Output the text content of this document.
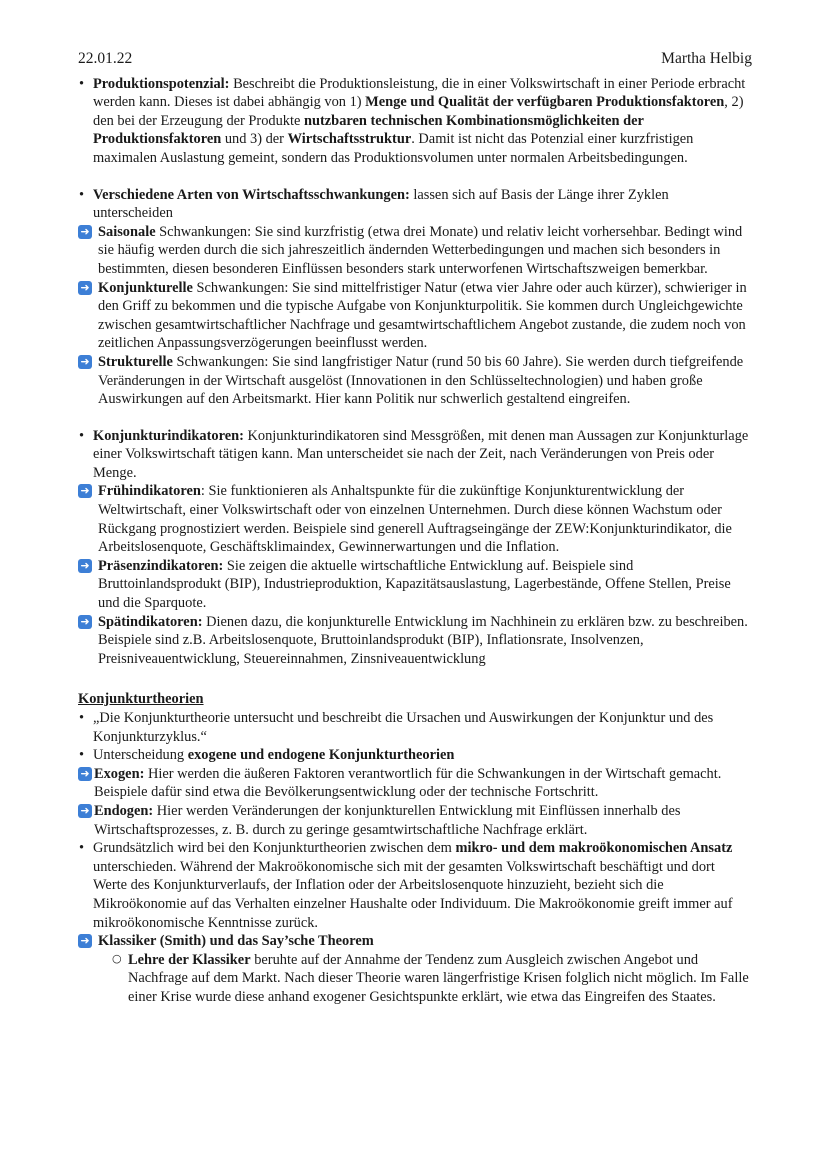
22.01.22	Martha Helbig
• Produktionspotenzial: Beschreibt die Produktionsleistung, die in einer Volkswirtschaft in einer Periode erbracht werden kann. Dieses ist dabei abhängig von 1) Menge und Qualität der verfügbaren Produktionsfaktoren, 2) den bei der Erzeugung der Produkte nutzbaren technischen Kombinationsmöglichkeiten der Produktionsfaktoren und 3) der Wirtschaftsstruktur. Damit ist nicht das Potenzial einer kurzfristigen maximalen Auslastung gemeint, sondern das Produktionsvolumen unter normalen Arbeitsbedingungen.
• Verschiedene Arten von Wirtschaftsschwankungen: lassen sich auf Basis der Länge ihrer Zyklen unterscheiden
➜ Saisonale Schwankungen: Sie sind kurzfristig (etwa drei Monate) und relativ leicht vorhersehbar. Bedingt wind sie häufig werden durch die sich jahreszeitlich ändernden Wetterbedingungen und machen sich besonders in bestimmten, diesen besonderen Einflüssen besonders stark unterworfenen Wirtschaftszweigen bemerkbar.
➜ Konjunkturelle Schwankungen: Sie sind mittelfristiger Natur (etwa vier Jahre oder auch kürzer), schwieriger in den Griff zu bekommen und die typische Aufgabe von Konjunkturpolitik. Sie kommen durch Ungleichgewichte zwischen gesamtwirtschaftlicher Nachfrage und gesamtwirtschaftlichem Angebot zustande, die zudem noch von zeitlichen Anpassungsverzögerungen beeinflusst werden.
➜ Strukturelle Schwankungen: Sie sind langfristiger Natur (rund 50 bis 60 Jahre). Sie werden durch tiefgreifende Veränderungen in der Wirtschaft ausgelöst (Innovationen in den Schlüsseltechnologien) und haben große Auswirkungen auf den Arbeitsmarkt. Hier kann Politik nur schwerlich gestaltend eingreifen.
• Konjunkturindikatoren: Konjunkturindikatoren sind Messgrößen, mit denen man Aussagen zur Konjunkturlage einer Volkswirtschaft tätigen kann. Man unterscheidet sie nach der Zeit, nach Veränderungen von Preis oder Menge.
➜ Frühindikatoren: Sie funktionieren als Anhaltspunkte für die zukünftige Konjunkturentwicklung der Weltwirtschaft, einer Volkswirtschaft oder von einzelnen Unternehmen. Durch diese können Wachstum oder Rückgang prognostiziert werden. Beispiele sind generell Auftragseingänge der ZEW:Konjunkturindikator, die Arbeitslosenquote, Geschäftsklimaindex, Gewinnerwartungen und die Inflation.
➜ Präsenzindikatoren: Sie zeigen die aktuelle wirtschaftliche Entwicklung auf. Beispiele sind Bruttoinlandsprodukt (BIP), Industrieproduktion, Kapazitätsauslastung, Lagerbestände, Offene Stellen, Preise und die Sparquote.
➜ Spätindikatoren: Dienen dazu, die konjunkturelle Entwicklung im Nachhinein zu erklären bzw. zu beschreiben. Beispiele sind z.B. Arbeitslosenquote, Bruttoinlandsprodukt (BIP), Inflationsrate, Insolvenzen, Preisniveauentwicklung, Steuereinnahmen, Zinsniveauentwicklung
Konjunkturtheorien
• „Die Konjunkturtheorie untersucht und beschreibt die Ursachen und Auswirkungen der Konjunktur und des Konjunkturzyklus.“
• Unterscheidung exogene und endogene Konjunkturtheorien
➜ Exogen: Hier werden die äußeren Faktoren verantwortlich für die Schwankungen in der Wirtschaft gemacht. Beispiele dafür sind etwa die Bevölkerungsentwicklung oder der technische Fortschritt.
➜ Endogen: Hier werden Veränderungen der konjunkturellen Entwicklung mit Einflüssen innerhalb des Wirtschaftsprozesses, z. B. durch zu geringe gesamtwirtschaftliche Nachfrage erklärt.
• Grundsätzlich wird bei den Konjunkturtheorien zwischen dem mikro- und dem makroökonomischen Ansatz unterschieden. Während der Makroökonomische sich mit der gesamten Volkswirtschaft beschäftigt und dort Werte des Konjunkturverlaufs, der Inflation oder der Arbeitslosenquote hinzuzieht, bezieht sich die Mikroökonomie auf das Verhalten einzelner Haushalte oder Individuum. Die Makroökonomie greift immer auf mikroökonomische Kenntnisse zurück.
➜ Klassiker (Smith) und das Say’sche Theorem
○ Lehre der Klassiker beruhte auf der Annahme der Tendenz zum Ausgleich zwischen Angebot und Nachfrage auf dem Markt. Nach dieser Theorie waren längerfristige Krisen folglich nicht möglich. Im Falle einer Krise wurde diese anhand exogener Gesichtspunkte erklärt, wie etwa das Eingreifen des Staates.
